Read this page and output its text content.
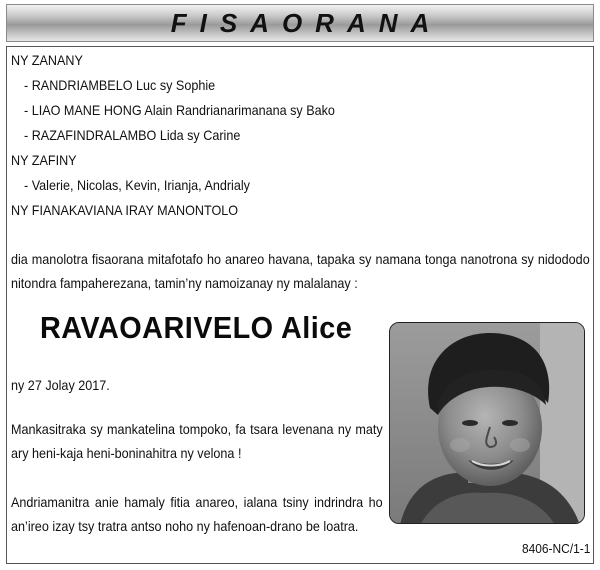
FISAORANA
NY ZANANY
- RANDRIAMBELO Luc sy Sophie
- LIAO MANE HONG Alain Randrianarimanana sy Bako
- RAZAFINDRALAMBO Lida sy Carine
NY ZAFINY
- Valerie, Nicolas, Kevin, Irianja, Andrialy
NY FIANAKAVIANA IRAY MANONTOLO
dia manolotra fisaorana mitafotafo ho anareo havana, tapaka sy namana tonga nanotrona sy nidododo nitondra fampaherezana, tamin’ny namoizanay ny malalanay :
RAVAOARIVELO Alice
ny 27 Jolay 2017.
Mankasitraka sy mankatelina tompoko, fa tsara levenana ny maty ary heni-kaja heni-boninahitra ny velona !
Andriamanitra anie hamaly fitia anareo, ialana tsiny indrindra ho an’ireo izay tsy tratra antso noho ny hafenoan-drano be loatra.
8406-NC/1-1
